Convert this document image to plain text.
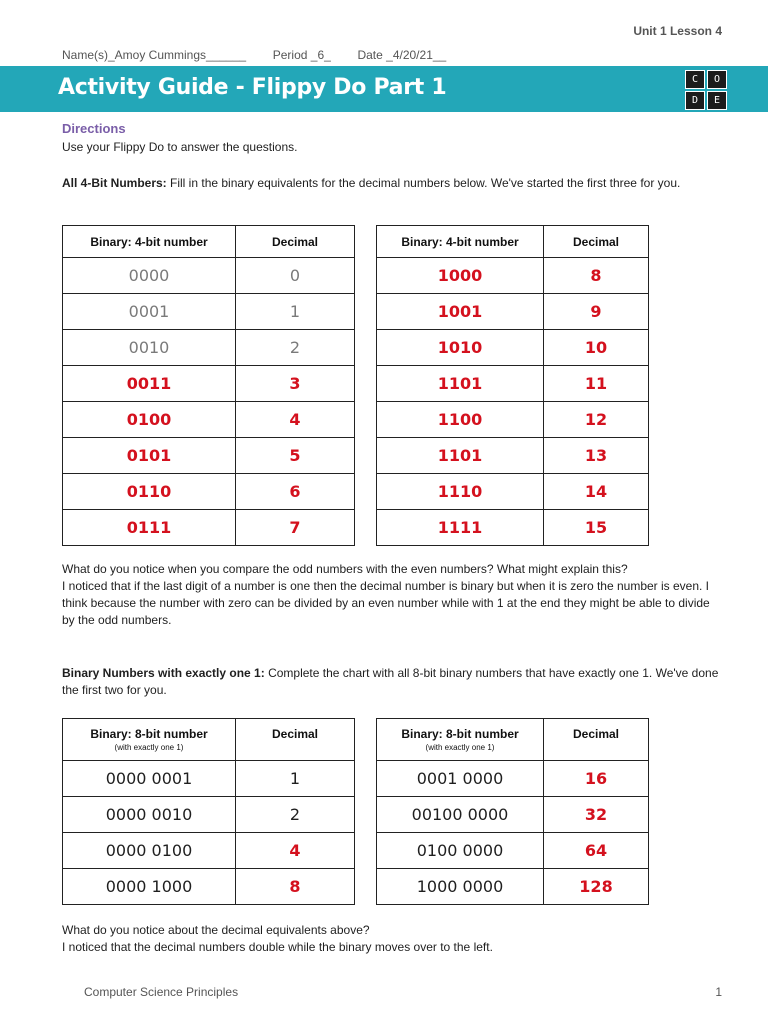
Unit 1 Lesson 4
Name(s)_Amoy Cummings______ Period _6_ Date _4/20/21__
Activity Guide - Flippy Do Part 1	C	O
D	E
Directions
Use your Flippy Do to answer the questions.
All 4-Bit Numbers: Fill in the binary equivalents for the decimal numbers below. We've started the first three for you.
Binary: 4-bit number	Decimal
0000	0
0001	1
0010	2
0011	3
0100	4
0101	5
0110	6
0111	7
Binary: 4-bit number	Decimal
1000	8
1001	9
1010	10
1101	11
1100	12
1101	13
1110	14
1111	15
What do you notice when you compare the odd numbers with the even numbers? What might explain this?
I noticed that if the last digit of a number is one then the decimal number is binary but when it is zero the number is even. I think because the number with zero can be divided by an even number while with 1 at the end they might be able to divide by the odd numbers.
Binary Numbers with exactly one 1: Complete the chart with all 8-bit binary numbers that have exactly one 1. We've done the first two for you.
Binary: 8-bit number
(with exactly one 1)	Decimal
0000 0001	1
0000 0010	2
0000 0100	4
0000 1000	8
Binary: 8-bit number
(with exactly one 1)	Decimal
0001 0000	16
00100 0000	32
0100 0000	64
1000 0000	128
What do you notice about the decimal equivalents above?
I noticed that the decimal numbers double while the binary moves over to the left.
Computer Science Principles	1
